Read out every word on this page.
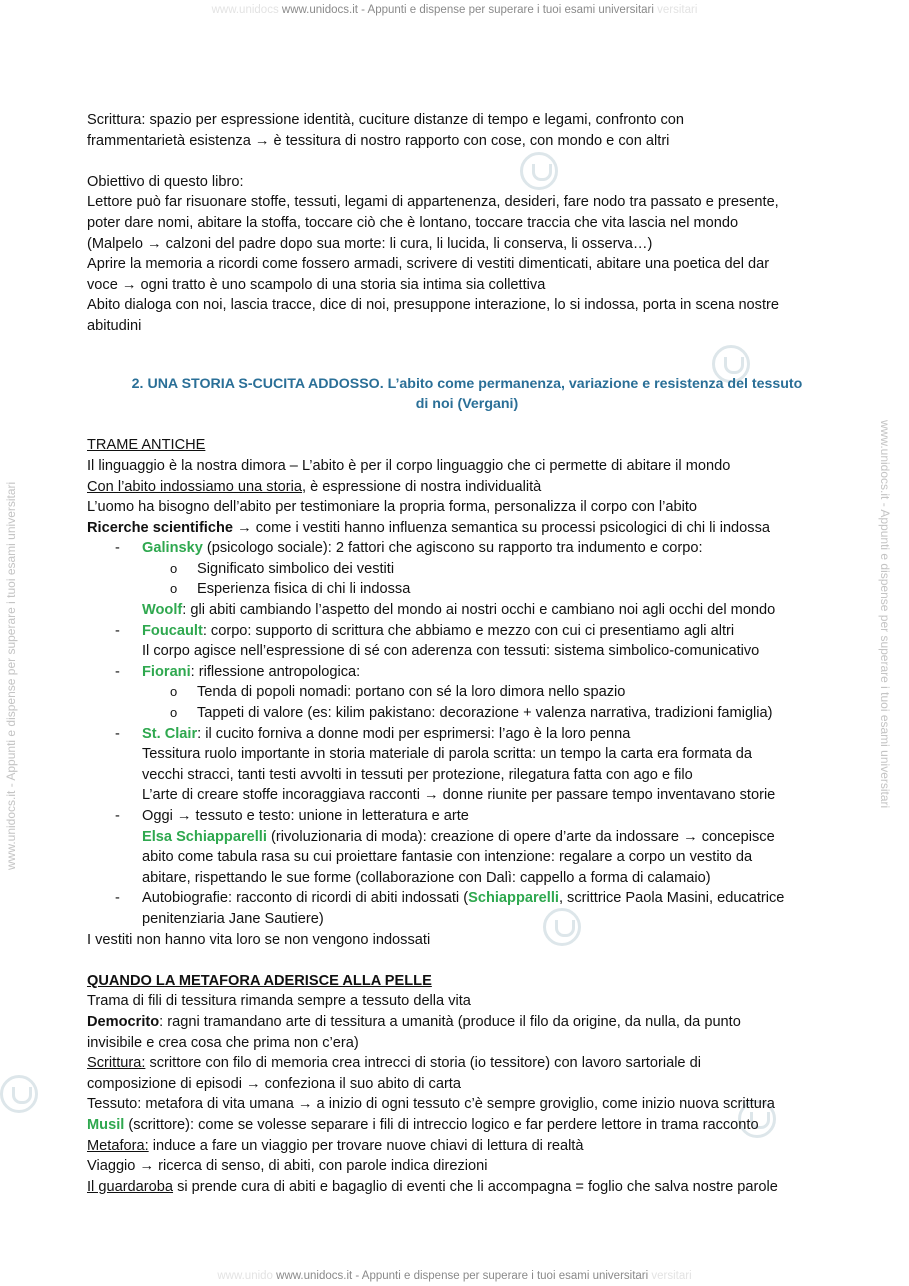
www.unidocs www.unidocs.it - Appunti e dispense per superare i tuoi esami universitari versitari
www.unidocs.it - Appunti e dispense per superare i tuoi esami universitari	www.unidocs.it - Appunti e dispense per superare i tuoi esami universitari

Scrittura: spazio per espressione identità, cuciture distanze di tempo e legami, confronto con

frammentarietà esistenza → è tessitura di nostro rapporto con cose, con mondo e con altri

Obiettivo di questo libro:

Lettore può far risuonare stoffe, tessuti, legami di appartenenza, desideri, fare nodo tra passato e presente,

poter dare nomi, abitare la stoffa, toccare ciò che è lontano, toccare traccia che vita lascia nel mondo

(Malpelo → calzoni del padre dopo sua morte: li cura, li lucida, li conserva, li osserva…)

Aprire la memoria a ricordi come fossero armadi, scrivere di vestiti dimenticati, abitare una poetica del dar

voce → ogni tratto è uno scampolo di una storia sia intima sia collettiva

Abito dialoga con noi, lascia tracce, dice di noi, presuppone interazione, lo si indossa, porta in scena nostre

abitudini

2. UNA STORIA S-CUCITA ADDOSSO. L’abito come permanenza, variazione e resistenza del tessuto

di noi (Vergani)

TRAME ANTICHE

Il linguaggio è la nostra dimora – L’abito è per il corpo linguaggio che ci permette di abitare il mondo

Con l’abito indossiamo una storia, è espressione di nostra individualità

L’uomo ha bisogno dell’abito per testimoniare la propria forma, personalizza il corpo con l’abito

Ricerche scientifiche → come i vestiti hanno influenza semantica su processi psicologici di chi li indossa

- Galinsky (psicologo sociale): 2 fattori che agiscono su rapporto tra indumento e corpo:

o Significato simbolico dei vestiti

o Esperienza fisica di chi li indossa

Woolf: gli abiti cambiando l’aspetto del mondo ai nostri occhi e cambiano noi agli occhi del mondo

- Foucault: corpo: supporto di scrittura che abbiamo e mezzo con cui ci presentiamo agli altri

Il corpo agisce nell’espressione di sé con aderenza con tessuti: sistema simbolico-comunicativo

- Fiorani: riflessione antropologica:

o Tenda di popoli nomadi: portano con sé la loro dimora nello spazio

o Tappeti di valore (es: kilim pakistano: decorazione + valenza narrativa, tradizioni famiglia)

- St. Clair: il cucito forniva a donne modi per esprimersi: l’ago è la loro penna

Tessitura ruolo importante in storia materiale di parola scritta: un tempo la carta era formata da

vecchi stracci, tanti testi avvolti in tessuti per protezione, rilegatura fatta con ago e filo

L’arte di creare stoffe incoraggiava racconti → donne riunite per passare tempo inventavano storie

- Oggi → tessuto e testo: unione in letteratura e arte

Elsa Schiapparelli (rivoluzionaria di moda): creazione di opere d’arte da indossare → concepisce

abito come tabula rasa su cui proiettare fantasie con intenzione: regalare a corpo un vestito da

abitare, rispettando le sue forme (collaborazione con Dalì: cappello a forma di calamaio)

- Autobiografie: racconto di ricordi di abiti indossati (Schiapparelli, scrittrice Paola Masini, educatrice

penitenziaria Jane Sautiere)

I vestiti non hanno vita loro se non vengono indossati

QUANDO LA METAFORA ADERISCE ALLA PELLE

Trama di fili di tessitura rimanda sempre a tessuto della vita

Democrito: ragni tramandano arte di tessitura a umanità (produce il filo da origine, da nulla, da punto

invisibile e crea cosa che prima non c’era)

Scrittura: scrittore con filo di memoria crea intrecci di storia (io tessitore) con lavoro sartoriale di

composizione di episodi → confeziona il suo abito di carta

Tessuto: metafora di vita umana → a inizio di ogni tessuto c’è sempre groviglio, come inizio nuova scrittura

Musil (scrittore): come se volesse separare i fili di intreccio logico e far perdere lettore in trama racconto

Metafora: induce a fare un viaggio per trovare nuove chiavi di lettura di realtà

Viaggio → ricerca di senso, di abiti, con parole indica direzioni

Il guardaroba si prende cura di abiti e bagaglio di eventi che li accompagna = foglio che salva nostre parole

www.unido www.unidocs.it - Appunti e dispense per superare i tuoi esami universitari versitari
